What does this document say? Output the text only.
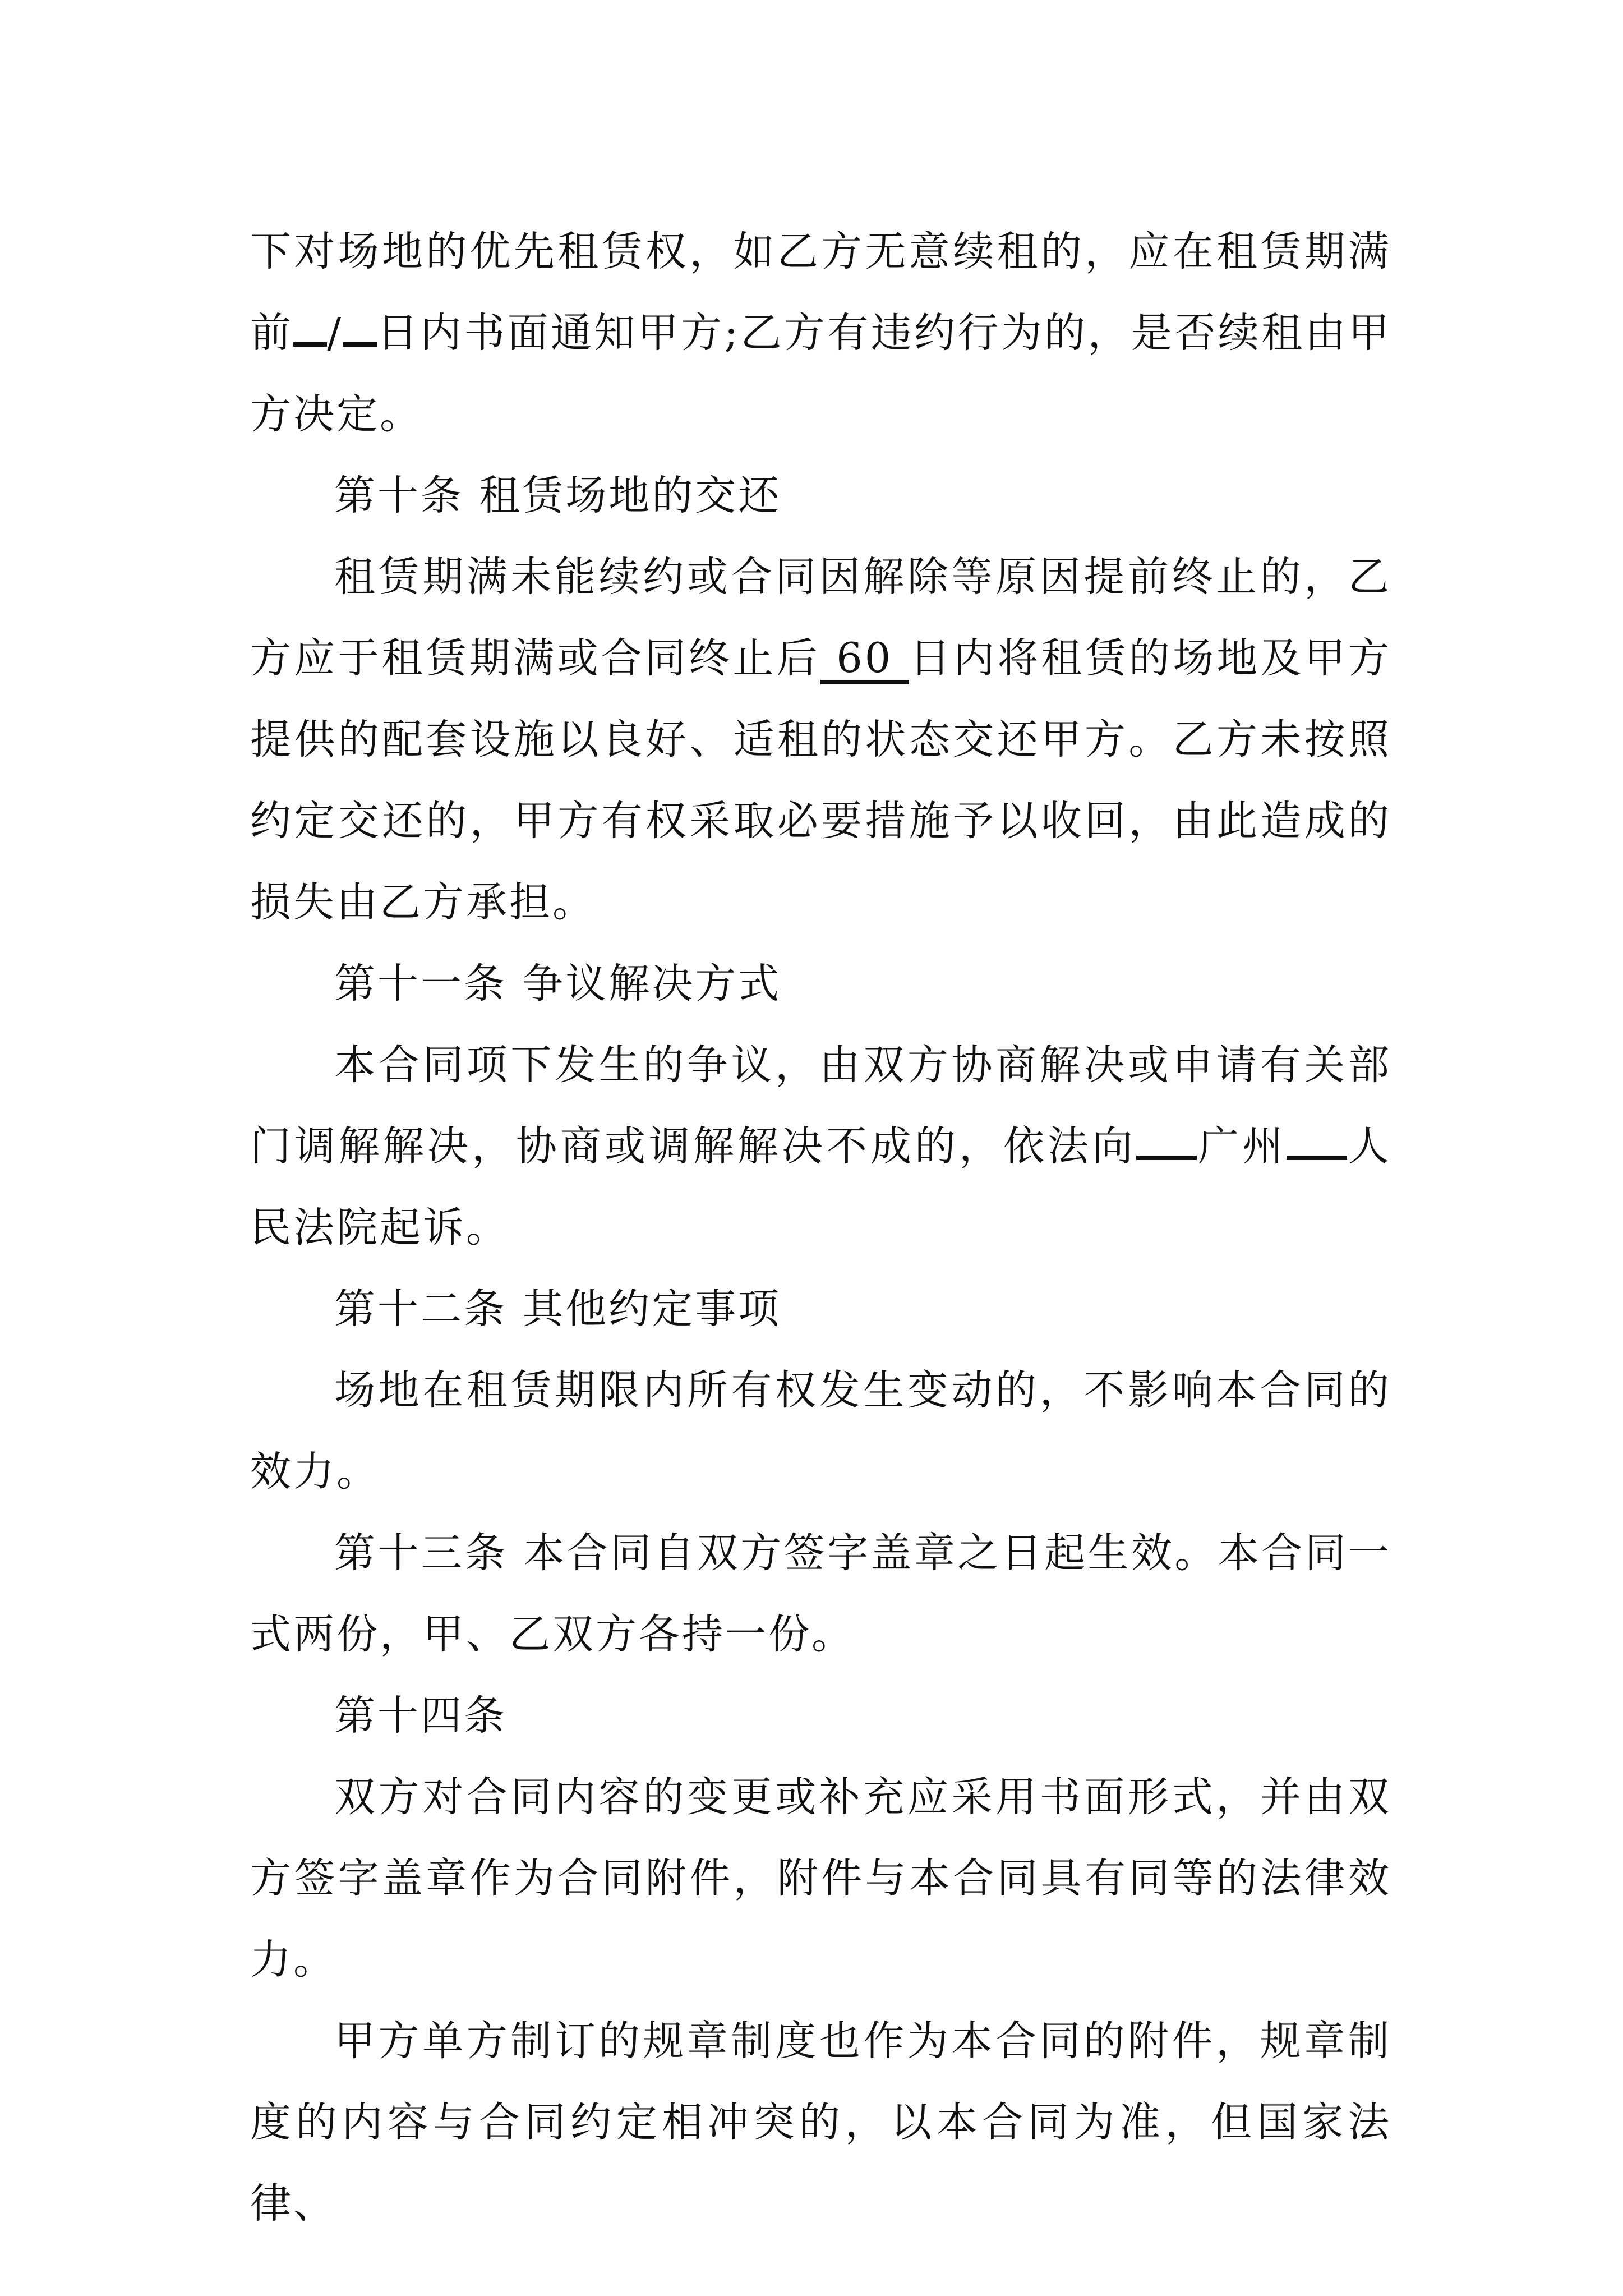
下对场地的优先租赁权，如乙方无意续租的，应在租赁期满前 / 日内书面通知甲方;乙方有违约行为的，是否续租由甲方决定。

第十条 租赁场地的交还

租赁期满未能续约或合同因解除等原因提前终止的，乙方应于租赁期满或合同终止后 60 日内将租赁的场地及甲方提供的配套设施以良好、适租的状态交还甲方。乙方未按照约定交还的，甲方有权采取必要措施予以收回，由此造成的损失由乙方承担。

第十一条 争议解决方式

本合同项下发生的争议，由双方协商解决或申请有关部门调解解决，协商或调解解决不成的，依法向 广州 人民法院起诉。

第十二条 其他约定事项

场地在租赁期限内所有权发生变动的，不影响本合同的效力。

第十三条 本合同自双方签字盖章之日起生效。本合同一式两份，甲、乙双方各持一份。

第十四条

双方对合同内容的变更或补充应采用书面形式，并由双方签字盖章作为合同附件，附件与本合同具有同等的法律效力。

甲方单方制订的规章制度也作为本合同的附件，规章制度的内容与合同约定相冲突的，以本合同为准，但国家法律、
